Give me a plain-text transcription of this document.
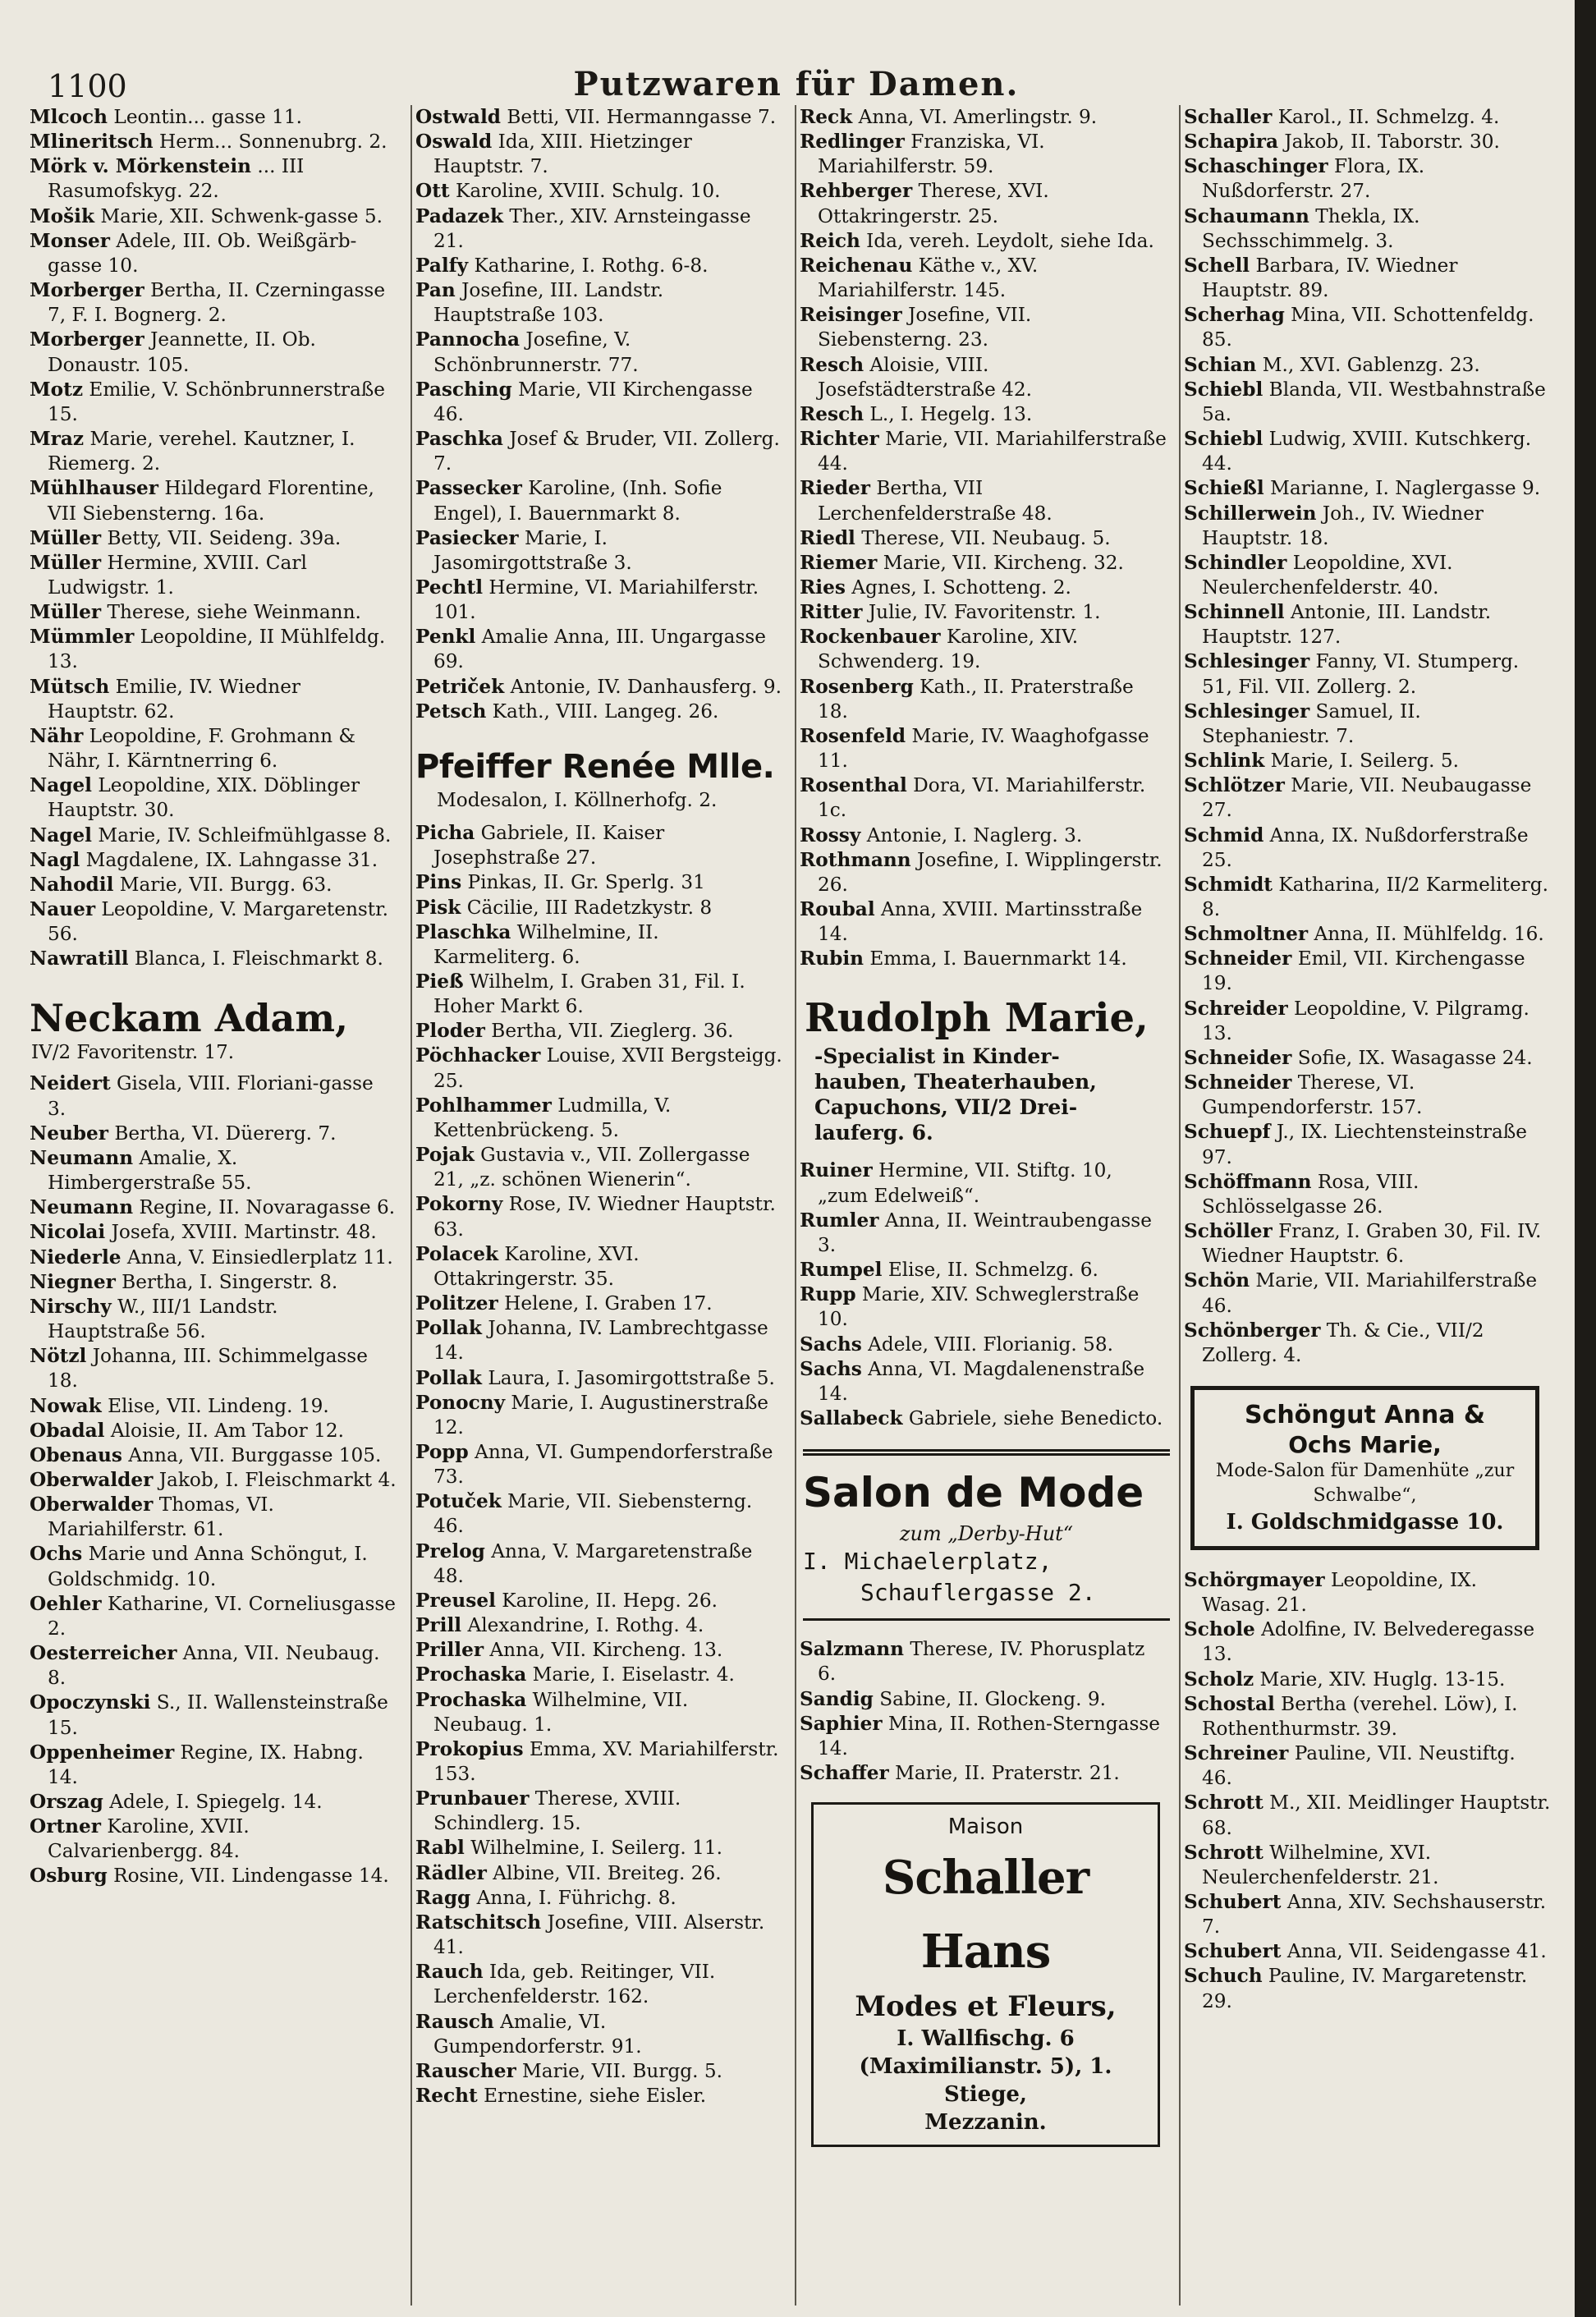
1100	Putzwaren für Damen.
Mlcoch Leontin... gasse 11.
Mlineritsch Herm... Sonnenubrg. 2.
Mörk v. Mörkenstein ... III Rasumofskyg. 22.
Mošik Marie, XII. Schwenk-gasse 5.
Monser Adele, III. Ob. Weißgärb-gasse 10.
Morberger Bertha, II. Czerningasse 7, F. I. Bognerg. 2.
Morberger Jeannette, II. Ob. Donaustr. 105.
Motz Emilie, V. Schönbrunnerstraße 15.
Mraz Marie, verehel. Kautzner, I. Riemerg. 2.
Mühlhauser Hildegard Florentine, VII Siebensterng. 16a.
Müller Betty, VII. Seideng. 39a.
Müller Hermine, XVIII. Carl Ludwigstr. 1.
Müller Therese, siehe Weinmann.
Mümmler Leopoldine, II Mühlfeldg. 13.
Mütsch Emilie, IV. Wiedner Hauptstr. 62.
Nähr Leopoldine, F. Grohmann & Nähr, I. Kärntnerring 6.
Nagel Leopoldine, XIX. Döblinger Hauptstr. 30.
Nagel Marie, IV. Schleifmühlgasse 8.
Nagl Magdalene, IX. Lahngasse 31.
Nahodil Marie, VII. Burgg. 63.
Nauer Leopoldine, V. Margaretenstr. 56.
Nawratill Blanca, I. Fleischmarkt 8.
Neckam Adam,
IV/2 Favoritenstr. 17.
Neidert Gisela, VIII. Floriani-gasse 3.
Neuber Bertha, VI. Düererg. 7.
Neumann Amalie, X. Himbergerstraße 55.
Neumann Regine, II. Novaragasse 6.
Nicolai Josefa, XVIII. Martinstr. 48.
Niederle Anna, V. Einsiedlerplatz 11.
Niegner Bertha, I. Singerstr. 8.
Nirschy W., III/1 Landstr. Hauptstraße 56.
Nötzl Johanna, III. Schimmelgasse 18.
Nowak Elise, VII. Lindeng. 19.
Obadal Aloisie, II. Am Tabor 12.
Obenaus Anna, VII. Burggasse 105.
Oberwalder Jakob, I. Fleischmarkt 4.
Oberwalder Thomas, VI. Mariahilferstr. 61.
Ochs Marie und Anna Schöngut, I. Goldschmidg. 10.
Oehler Katharine, VI. Corneliusgasse 2.
Oesterreicher Anna, VII. Neubaug. 8.
Opoczynski S., II. Wallensteinstraße 15.
Oppenheimer Regine, IX. Habng. 14.
Orszag Adele, I. Spiegelg. 14.
Ortner Karoline, XVII. Calvarienbergg. 84.
Osburg Rosine, VII. Lindengasse 14.
Ostwald Betti, VII. Hermanngasse 7.
Oswald Ida, XIII. Hietzinger Hauptstr. 7.
Ott Karoline, XVIII. Schulg. 10.
Padazek Ther., XIV. Arnsteingasse 21.
Palfy Katharine, I. Rothg. 6-8.
Pan Josefine, III. Landstr. Hauptstraße 103.
Pannocha Josefine, V. Schönbrunnerstr. 77.
Pasching Marie, VII Kirchengasse 46.
Paschka Josef & Bruder, VII. Zollerg. 7.
Passecker Karoline, (Inh. Sofie Engel), I. Bauernmarkt 8.
Pasiecker Marie, I. Jasomirgottstraße 3.
Pechtl Hermine, VI. Mariahilferstr. 101.
Penkl Amalie Anna, III. Ungargasse 69.
Petriček Antonie, IV. Danhausferg. 9.
Petsch Kath., VIII. Langeg. 26.
Pfeiffer Renée Mlle.
Modesalon, I. Köllnerhofg. 2.
Picha Gabriele, II. Kaiser Josephstraße 27.
Pins Pinkas, II. Gr. Sperlg. 31
Pisk Cäcilie, III Radetzkystr. 8
Plaschka Wilhelmine, II. Karmeliterg. 6.
Pieß Wilhelm, I. Graben 31, Fil. I. Hoher Markt 6.
Ploder Bertha, VII. Zieglerg. 36.
Pöchhacker Louise, XVII Bergsteigg. 25.
Pohlhammer Ludmilla, V. Kettenbrückeng. 5.
Pojak Gustavia v., VII. Zollergasse 21, „z. schönen Wienerin“.
Pokorny Rose, IV. Wiedner Hauptstr. 63.
Polacek Karoline, XVI. Ottakringerstr. 35.
Politzer Helene, I. Graben 17.
Pollak Johanna, IV. Lambrechtgasse 14.
Pollak Laura, I. Jasomirgottstraße 5.
Ponocny Marie, I. Augustinerstraße 12.
Popp Anna, VI. Gumpendorferstraße 73.
Potuček Marie, VII. Siebensterng. 46.
Prelog Anna, V. Margaretenstraße 48.
Preusel Karoline, II. Hepg. 26.
Prill Alexandrine, I. Rothg. 4.
Priller Anna, VII. Kircheng. 13.
Prochaska Marie, I. Eiselastr. 4.
Prochaska Wilhelmine, VII. Neubaug. 1.
Prokopius Emma, XV. Mariahilferstr. 153.
Prunbauer Therese, XVIII. Schindlerg. 15.
Rabl Wilhelmine, I. Seilerg. 11.
Rädler Albine, VII. Breiteg. 26.
Ragg Anna, I. Führichg. 8.
Ratschitsch Josefine, VIII. Alserstr. 41.
Rauch Ida, geb. Reitinger, VII. Lerchenfelderstr. 162.
Rausch Amalie, VI. Gumpendorferstr. 91.
Rauscher Marie, VII. Burgg. 5.
Recht Ernestine, siehe Eisler.
Reck Anna, VI. Amerlingstr. 9.
Redlinger Franziska, VI. Mariahilferstr. 59.
Rehberger Therese, XVI. Ottakringerstr. 25.
Reich Ida, vereh. Leydolt, siehe Ida.
Reichenau Käthe v., XV. Mariahilferstr. 145.
Reisinger Josefine, VII. Siebensterng. 23.
Resch Aloisie, VIII. Josefstädterstraße 42.
Resch L., I. Hegelg. 13.
Richter Marie, VII. Mariahilferstraße 44.
Rieder Bertha, VII Lerchenfelderstraße 48.
Riedl Therese, VII. Neubaug. 5.
Riemer Marie, VII. Kircheng. 32.
Ries Agnes, I. Schotteng. 2.
Ritter Julie, IV. Favoritenstr. 1.
Rockenbauer Karoline, XIV. Schwenderg. 19.
Rosenberg Kath., II. Praterstraße 18.
Rosenfeld Marie, IV. Waaghofgasse 11.
Rosenthal Dora, VI. Mariahilferstr. 1c.
Rossy Antonie, I. Naglerg. 3.
Rothmann Josefine, I. Wipplingerstr. 26.
Roubal Anna, XVIII. Martinsstraße 14.
Rubin Emma, I. Bauernmarkt 14.
Rudolph Marie,
-Specialist in Kinder-
hauben, Theaterhauben,
Capuchons, VII/2 Drei-
lauferg. 6.
Ruiner Hermine, VII. Stiftg. 10, „zum Edelweiß“.
Rumler Anna, II. Weintraubengasse 3.
Rumpel Elise, II. Schmelzg. 6.
Rupp Marie, XIV. Schweglerstraße 10.
Sachs Adele, VIII. Florianig. 58.
Sachs Anna, VI. Magdalenenstraße 14.
Sallabeck Gabriele, siehe Benedicto.
Salon de Mode
zum „Derby-Hut“
I. Michaelerplatz,
Schauflergasse 2.
Salzmann Therese, IV. Phorusplatz 6.
Sandig Sabine, II. Glockeng. 9.
Saphier Mina, II. Rothen-Sterngasse 14.
Schaffer Marie, II. Praterstr. 21.
Maison
Schaller Hans
Modes et Fleurs,
I. Wallfischg. 6 (Maximilianstr. 5), 1. Stiege,
Mezzanin.
Schaller Karol., II. Schmelzg. 4.
Schapira Jakob, II. Taborstr. 30.
Schaschinger Flora, IX. Nußdorferstr. 27.
Schaumann Thekla, IX. Sechsschimmelg. 3.
Schell Barbara, IV. Wiedner Hauptstr. 89.
Scherhag Mina, VII. Schottenfeldg. 85.
Schian M., XVI. Gablenzg. 23.
Schiebl Blanda, VII. Westbahnstraße 5a.
Schiebl Ludwig, XVIII. Kutschkerg. 44.
Schießl Marianne, I. Naglergasse 9.
Schillerwein Joh., IV. Wiedner Hauptstr. 18.
Schindler Leopoldine, XVI. Neulerchenfelderstr. 40.
Schinnell Antonie, III. Landstr. Hauptstr. 127.
Schlesinger Fanny, VI. Stumperg. 51, Fil. VII. Zollerg. 2.
Schlesinger Samuel, II. Stephaniestr. 7.
Schlink Marie, I. Seilerg. 5.
Schlötzer Marie, VII. Neubaugasse 27.
Schmid Anna, IX. Nußdorferstraße 25.
Schmidt Katharina, II/2 Karmeliterg. 8.
Schmoltner Anna, II. Mühlfeldg. 16.
Schneider Emil, VII. Kirchengasse 19.
Schreider Leopoldine, V. Pilgramg. 13.
Schneider Sofie, IX. Wasagasse 24.
Schneider Therese, VI. Gumpendorferstr. 157.
Schuepf J., IX. Liechtensteinstraße 97.
Schöffmann Rosa, VIII. Schlösselgasse 26.
Schöller Franz, I. Graben 30, Fil. IV. Wiedner Hauptstr. 6.
Schön Marie, VII. Mariahilferstraße 46.
Schönberger Th. & Cie., VII/2 Zollerg. 4.
Schöngut Anna &
Ochs Marie,
Mode-Salon für Damenhüte „zur Schwalbe“,
I. Goldschmidgasse 10.
Schörgmayer Leopoldine, IX. Wasag. 21.
Schole Adolfine, IV. Belvederegasse 13.
Scholz Marie, XIV. Huglg. 13-15.
Schostal Bertha (verehel. Löw), I. Rothenthurmstr. 39.
Schreiner Pauline, VII. Neustiftg. 46.
Schrott M., XII. Meidlinger Hauptstr. 68.
Schrott Wilhelmine, XVI. Neulerchenfelderstr. 21.
Schubert Anna, XIV. Sechshauserstr. 7.
Schubert Anna, VII. Seidengasse 41.
Schuch Pauline, IV. Margaretenstr. 29.
